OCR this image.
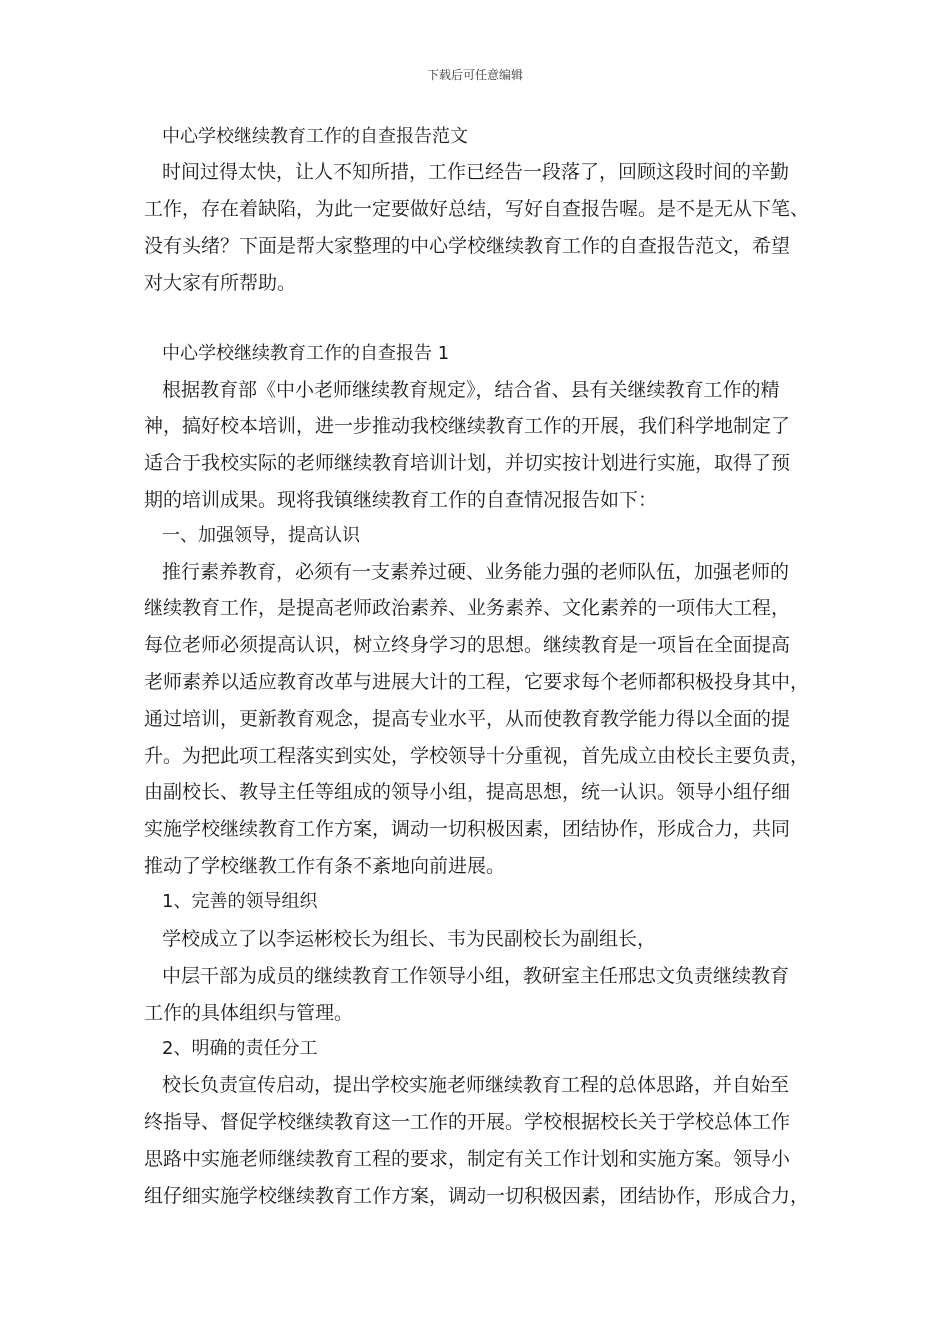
下载后可任意编辑
中心学校继续教育工作的自查报告范文
时间过得太快，让人不知所措，工作已经告一段落了，回顾这段时间的辛勤
工作，存在着缺陷，为此一定要做好总结，写好自查报告喔。是不是无从下笔、
没有头绪？下面是帮大家整理的中心学校继续教育工作的自查报告范文，希望
对大家有所帮助。
中心学校继续教育工作的自查报告 1
根据教育部《中小老师继续教育规定》，结合省、县有关继续教育工作的精
神，搞好校本培训，进一步推动我校继续教育工作的开展，我们科学地制定了
适合于我校实际的老师继续教育培训计划，并切实按计划进行实施，取得了预
期的培训成果。现将我镇继续教育工作的自查情况报告如下：
一、加强领导，提高认识
推行素养教育，必须有一支素养过硬、业务能力强的老师队伍，加强老师的
继续教育工作，是提高老师政治素养、业务素养、文化素养的一项伟大工程，
每位老师必须提高认识，树立终身学习的思想。继续教育是一项旨在全面提高
老师素养以适应教育改革与进展大计的工程，它要求每个老师都积极投身其中，
通过培训，更新教育观念，提高专业水平，从而使教育教学能力得以全面的提
升。为把此项工程落实到实处，学校领导十分重视，首先成立由校长主要负责，
由副校长、教导主任等组成的领导小组，提高思想，统一认识。领导小组仔细
实施学校继续教育工作方案，调动一切积极因素，团结协作，形成合力，共同
推动了学校继教工作有条不紊地向前进展。
1、完善的领导组织
学校成立了以李运彬校长为组长、韦为民副校长为副组长，
中层干部为成员的继续教育工作领导小组，教研室主任邢忠文负责继续教育
工作的具体组织与管理。
2、明确的责任分工
校长负责宣传启动，提出学校实施老师继续教育工程的总体思路，并自始至
终指导、督促学校继续教育这一工作的开展。学校根据校长关于学校总体工作
思路中实施老师继续教育工程的要求，制定有关工作计划和实施方案。领导小
组仔细实施学校继续教育工作方案，调动一切积极因素，团结协作，形成合力，
